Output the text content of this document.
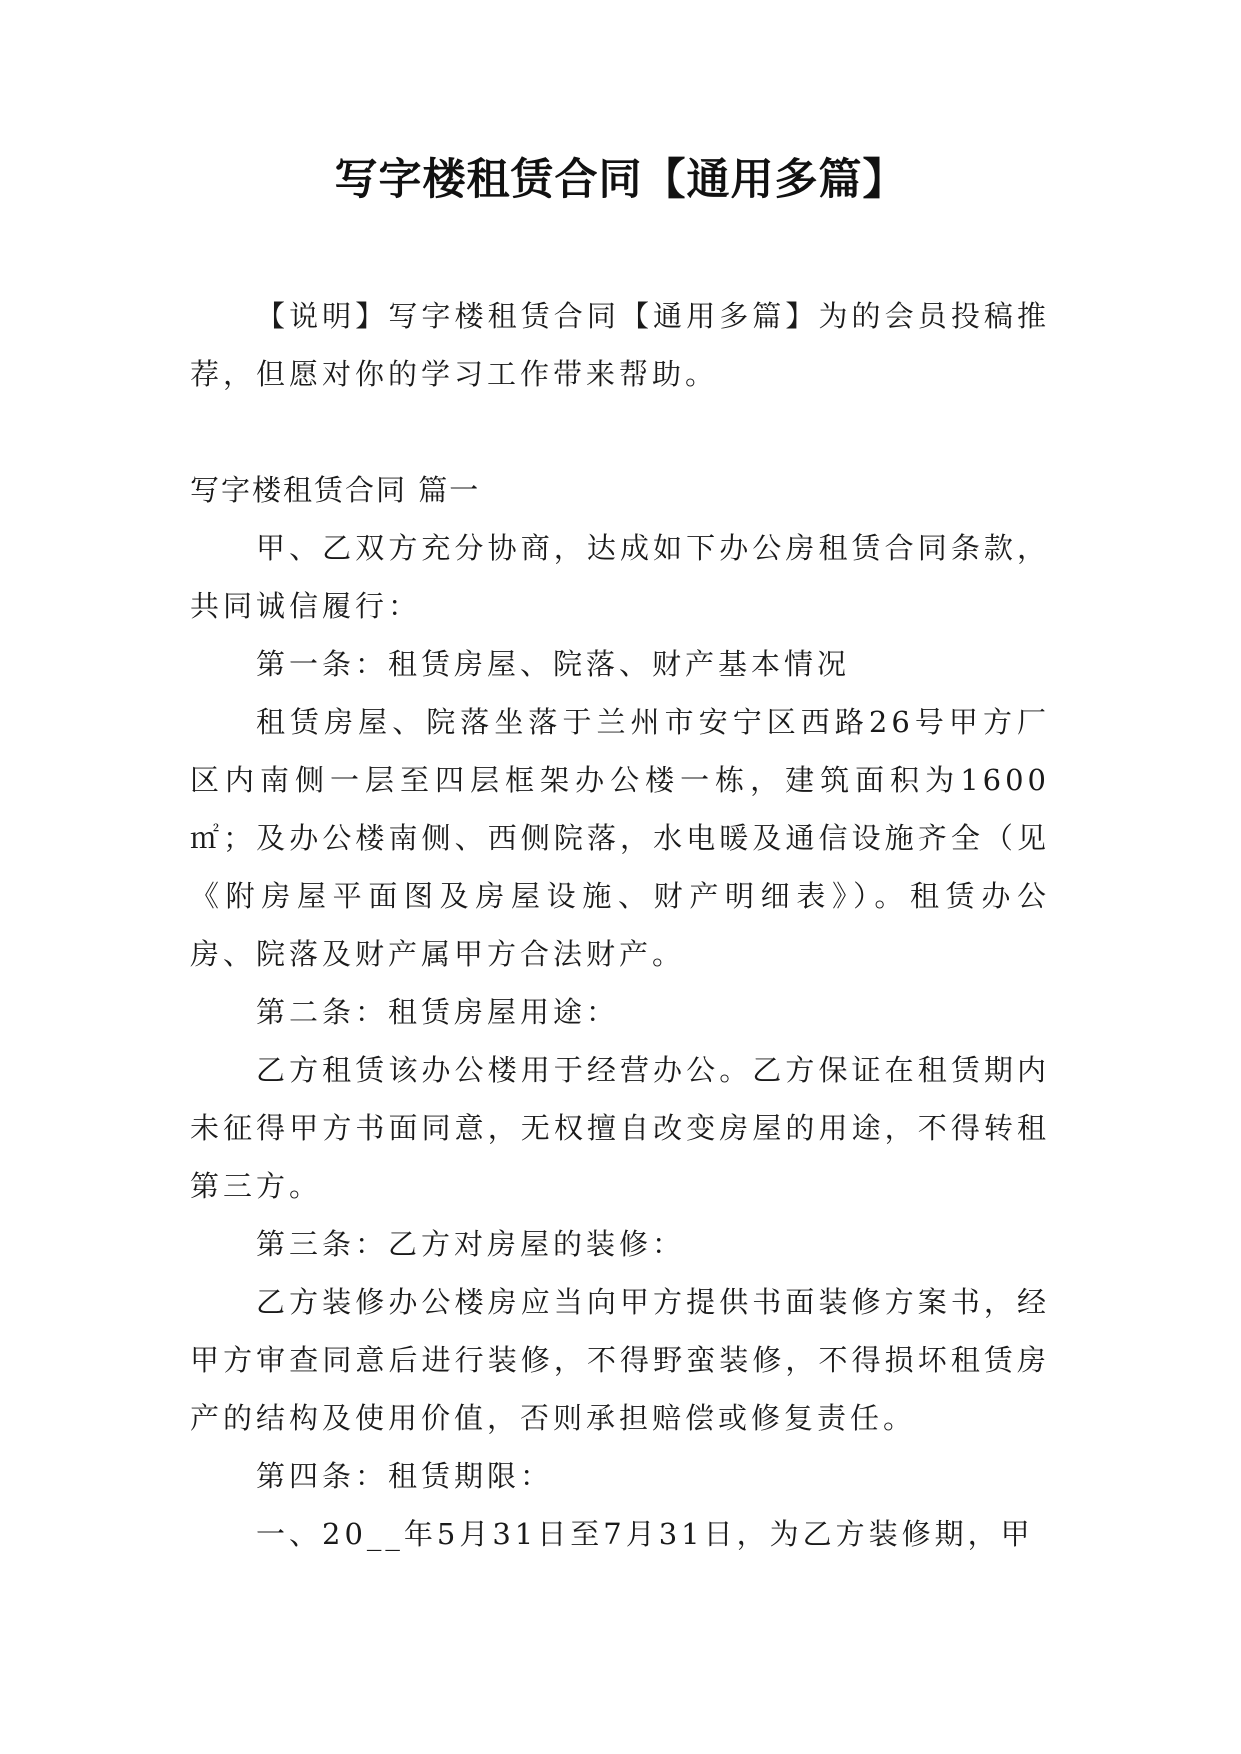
写字楼租赁合同【通用多篇】

【说明】写字楼租赁合同【通用多篇】为的会员投稿推荐，但愿对你的学习工作带来帮助。

写字楼租赁合同 篇一

甲、乙双方充分协商，达成如下办公房租赁合同条款，共同诚信履行：

第一条：租赁房屋、院落、财产基本情况

租赁房屋、院落坐落于兰州市安宁区西路26号甲方厂区内南侧一层至四层框架办公楼一栋，建筑面积为1600㎡；及办公楼南侧、西侧院落，水电暖及通信设施齐全（见《附房屋平面图及房屋设施、财产明细表》）。租赁办公房、院落及财产属甲方合法财产。

第二条：租赁房屋用途：

乙方租赁该办公楼用于经营办公。乙方保证在租赁期内未征得甲方书面同意，无权擅自改变房屋的用途，不得转租第三方。

第三条：乙方对房屋的装修：

乙方装修办公楼房应当向甲方提供书面装修方案书，经甲方审查同意后进行装修，不得野蛮装修，不得损坏租赁房产的结构及使用价值，否则承担赔偿或修复责任。

第四条：租赁期限：

一、20__年5月31日至7月31日，为乙方装修期，甲
